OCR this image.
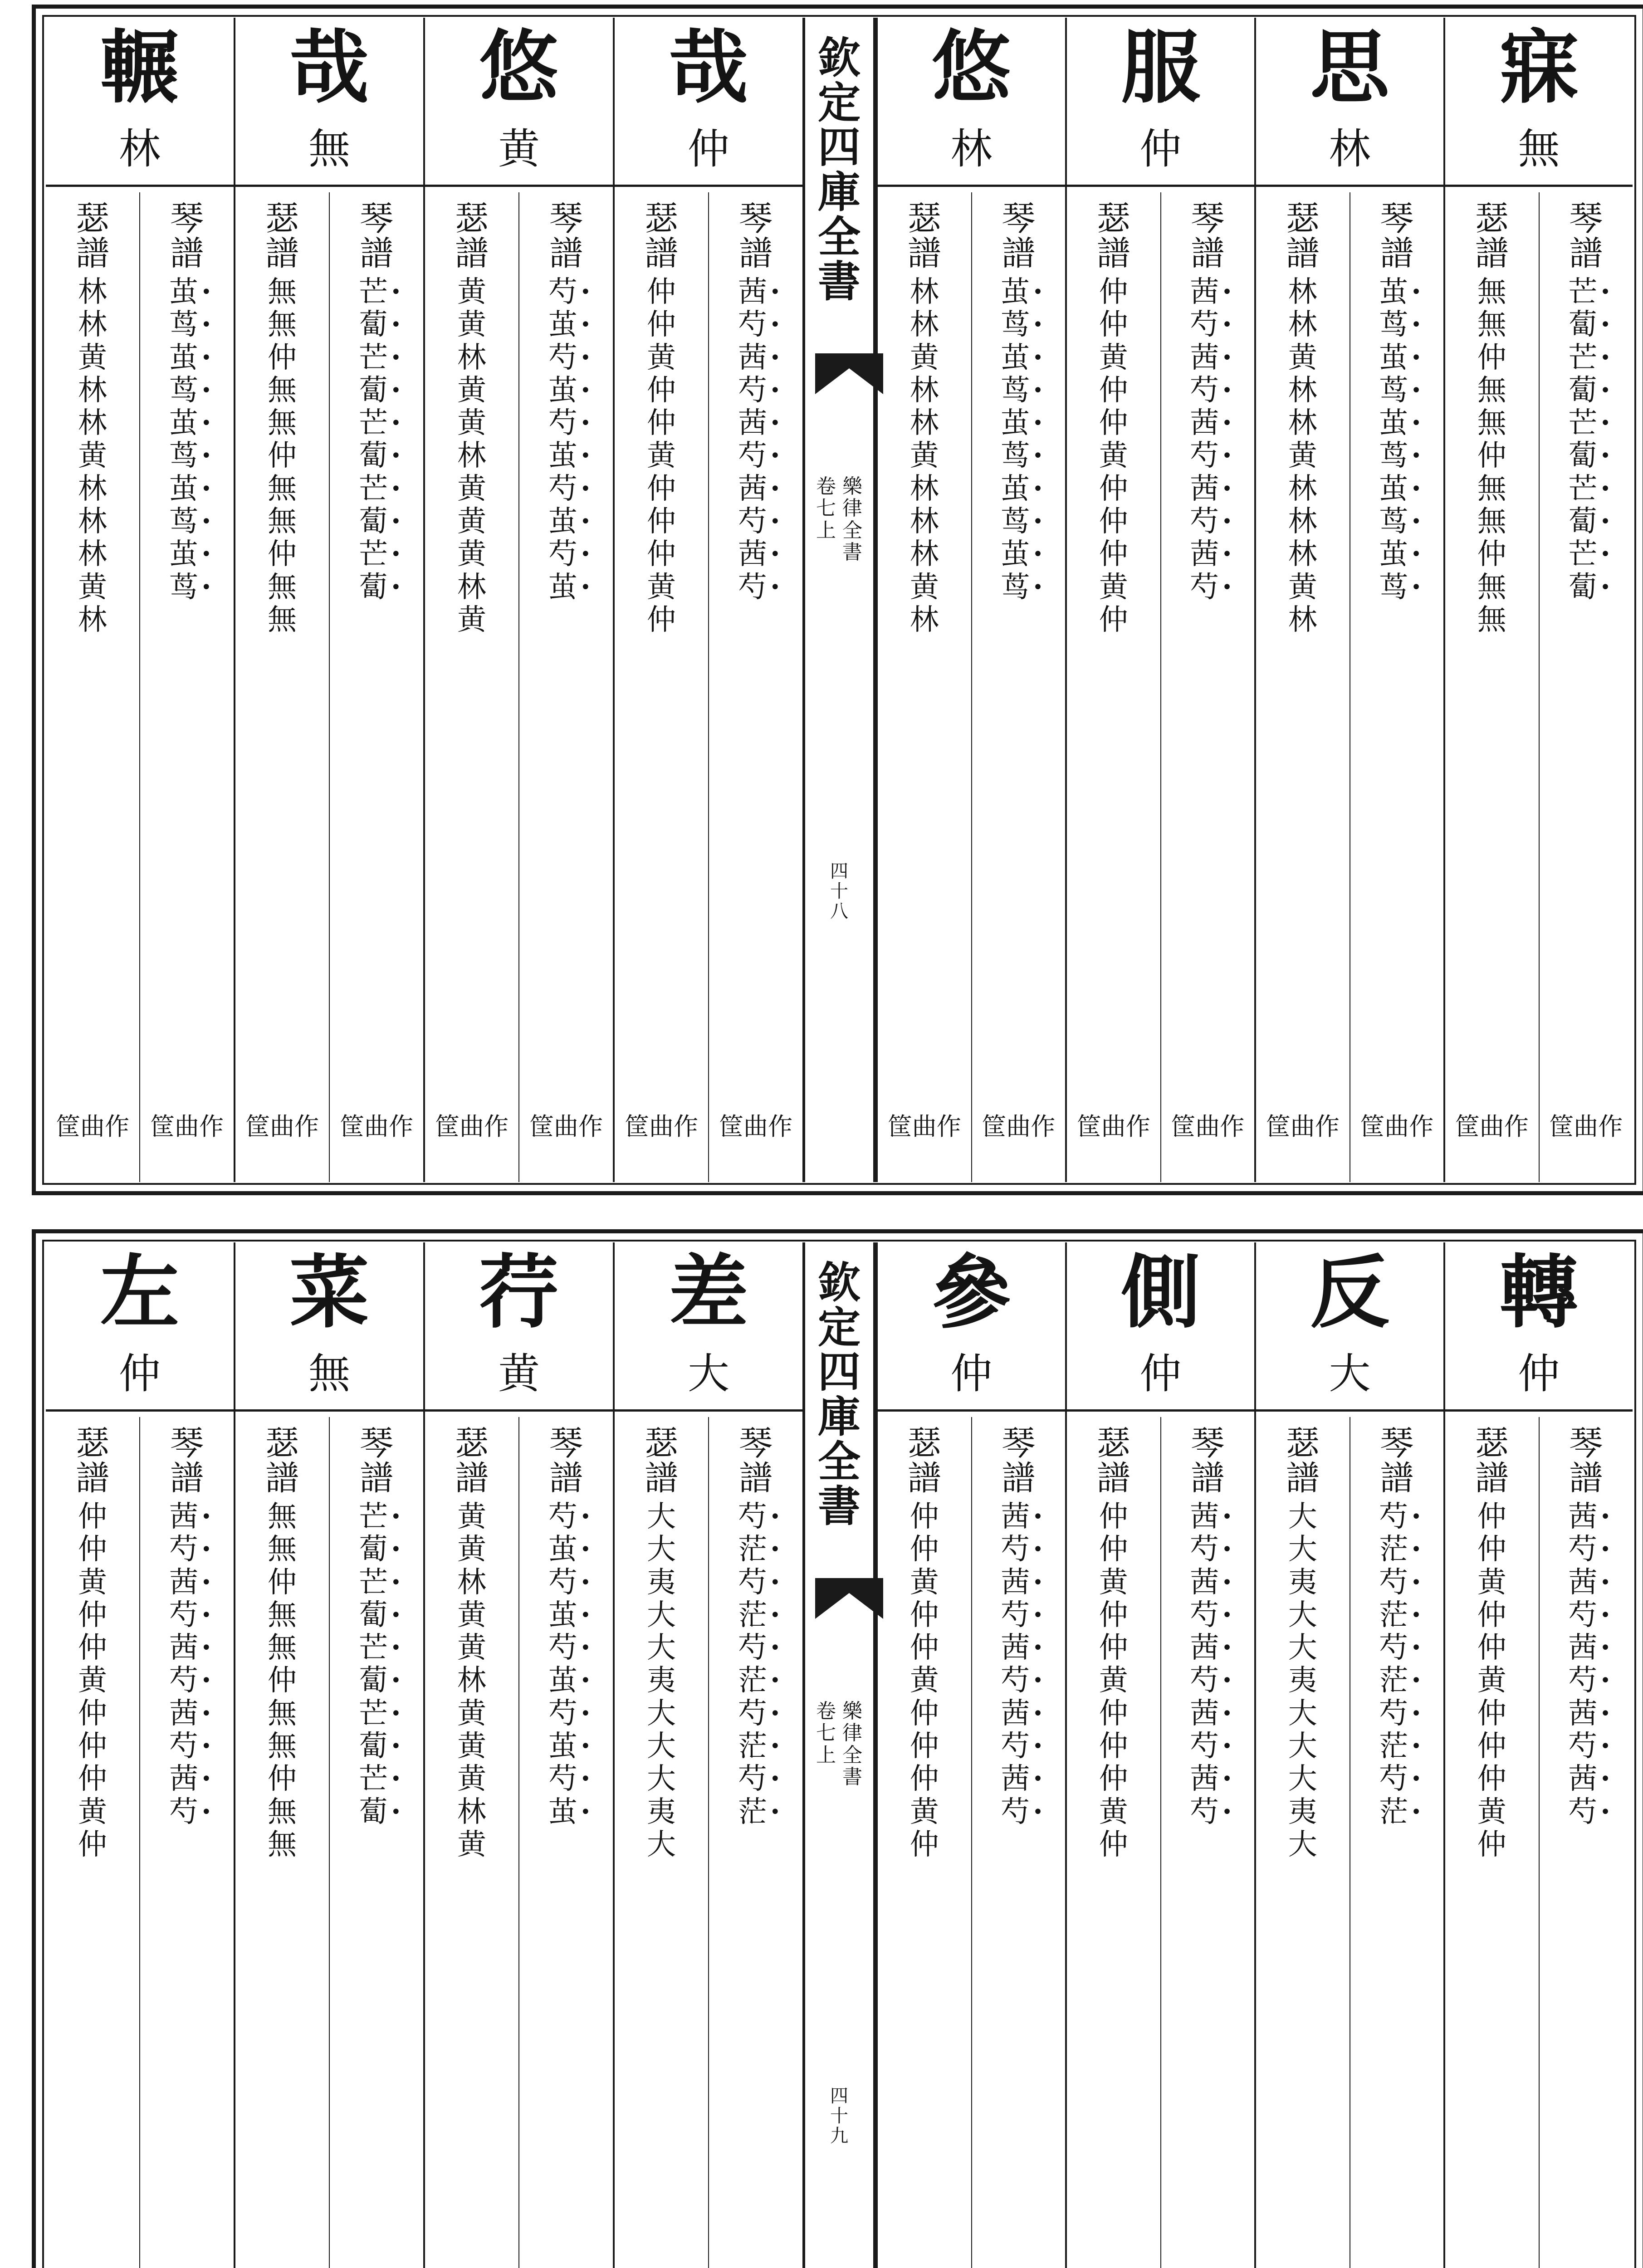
寐
無
琴
譜
芒 •
蔔 •
芒 •
蔔 •
芒 •
蔔 •
芒 •
蔔 •
芒 •
蔔 •
筐曲作
瑟
譜
無
無
仲
無
無
仲
無
無
仲
無
無
筐曲作
思
林
琴
譜
茧 •
茑 •
茧 •
茑 •
茧 •
茑 •
茧 •
茑 •
茧 •
茑 •
筐曲作
瑟
譜
林
林
黄
林
林
黄
林
林
林
黄
林
筐曲作
服
仲
琴
譜
茜 •
芍 •
茜 •
芍 •
茜 •
芍 •
茜 •
芍 •
茜 •
芍 •
筐曲作
瑟
譜
仲
仲
黄
仲
仲
黄
仲
仲
仲
黄
仲
筐曲作
悠
林
琴
譜
茧 •
茑 •
茧 •
茑 •
茧 •
茑 •
茧 •
茑 •
茧 •
茑 •
筐曲作
瑟
譜
林
林
黄
林
林
黄
林
林
林
黄
林
筐曲作
欽
定
四
庫
全
書
卷
七
上
樂
律
全
書
四
十
八
哉
仲
琴
譜
茜 •
芍 •
茜 •
芍 •
茜 •
芍 •
茜 •
芍 •
茜 •
芍 •
筐曲作
瑟
譜
仲
仲
黄
仲
仲
黄
仲
仲
仲
黄
仲
筐曲作
悠
黄
琴
譜
芍 •
茧 •
芍 •
茧 •
芍 •
茧 •
芍 •
茧 •
芍 •
茧 •
筐曲作
瑟
譜
黄
黄
林
黄
黄
林
黄
黄
黄
林
黄
筐曲作
哉
無
琴
譜
芒 •
蔔 •
芒 •
蔔 •
芒 •
蔔 •
芒 •
蔔 •
芒 •
蔔 •
筐曲作
瑟
譜
無
無
仲
無
無
仲
無
無
仲
無
無
筐曲作
輾
林
琴
譜
茧 •
茑 •
茧 •
茑 •
茧 •
茑 •
茧 •
茑 •
茧 •
茑 •
筐曲作
瑟
譜
林
林
黄
林
林
黄
林
林
林
黄
林
筐曲作
轉
仲
琴
譜
茜 •
芍 •
茜 •
芍 •
茜 •
芍 •
茜 •
芍 •
茜 •
芍 •
瑟
譜
仲
仲
黄
仲
仲
黄
仲
仲
仲
黄
仲
反
大
琴
譜
芍 •
茫 •
芍 •
茫 •
芍 •
茫 •
芍 •
茫 •
芍 •
茫 •
瑟
譜
大
大
夷
大
大
夷
大
大
大
夷
大
側
仲
琴
譜
茜 •
芍 •
茜 •
芍 •
茜 •
芍 •
茜 •
芍 •
茜 •
芍 •
瑟
譜
仲
仲
黄
仲
仲
黄
仲
仲
仲
黄
仲
參
仲
琴
譜
茜 •
芍 •
茜 •
芍 •
茜 •
芍 •
茜 •
芍 •
茜 •
芍 •
瑟
譜
仲
仲
黄
仲
仲
黄
仲
仲
仲
黄
仲
欽
定
四
庫
全
書
卷
七
上
樂
律
全
書
四
十
九
差
大
琴
譜
芍 •
茫 •
芍 •
茫 •
芍 •
茫 •
芍 •
茫 •
芍 •
茫 •
瑟
譜
大
大
夷
大
大
夷
大
大
大
夷
大
荇
黄
琴
譜
芍 •
茧 •
芍 •
茧 •
芍 •
茧 •
芍 •
茧 •
芍 •
茧 •
瑟
譜
黄
黄
林
黄
黄
林
黄
黄
黄
林
黄
菜
無
琴
譜
芒 •
蔔 •
芒 •
蔔 •
芒 •
蔔 •
芒 •
蔔 •
芒 •
蔔 •
瑟
譜
無
無
仲
無
無
仲
無
無
仲
無
無
左
仲
琴
譜
茜 •
芍 •
茜 •
芍 •
茜 •
芍 •
茜 •
芍 •
茜 •
芍 •
瑟
譜
仲
仲
黄
仲
仲
黄
仲
仲
仲
黄
仲
